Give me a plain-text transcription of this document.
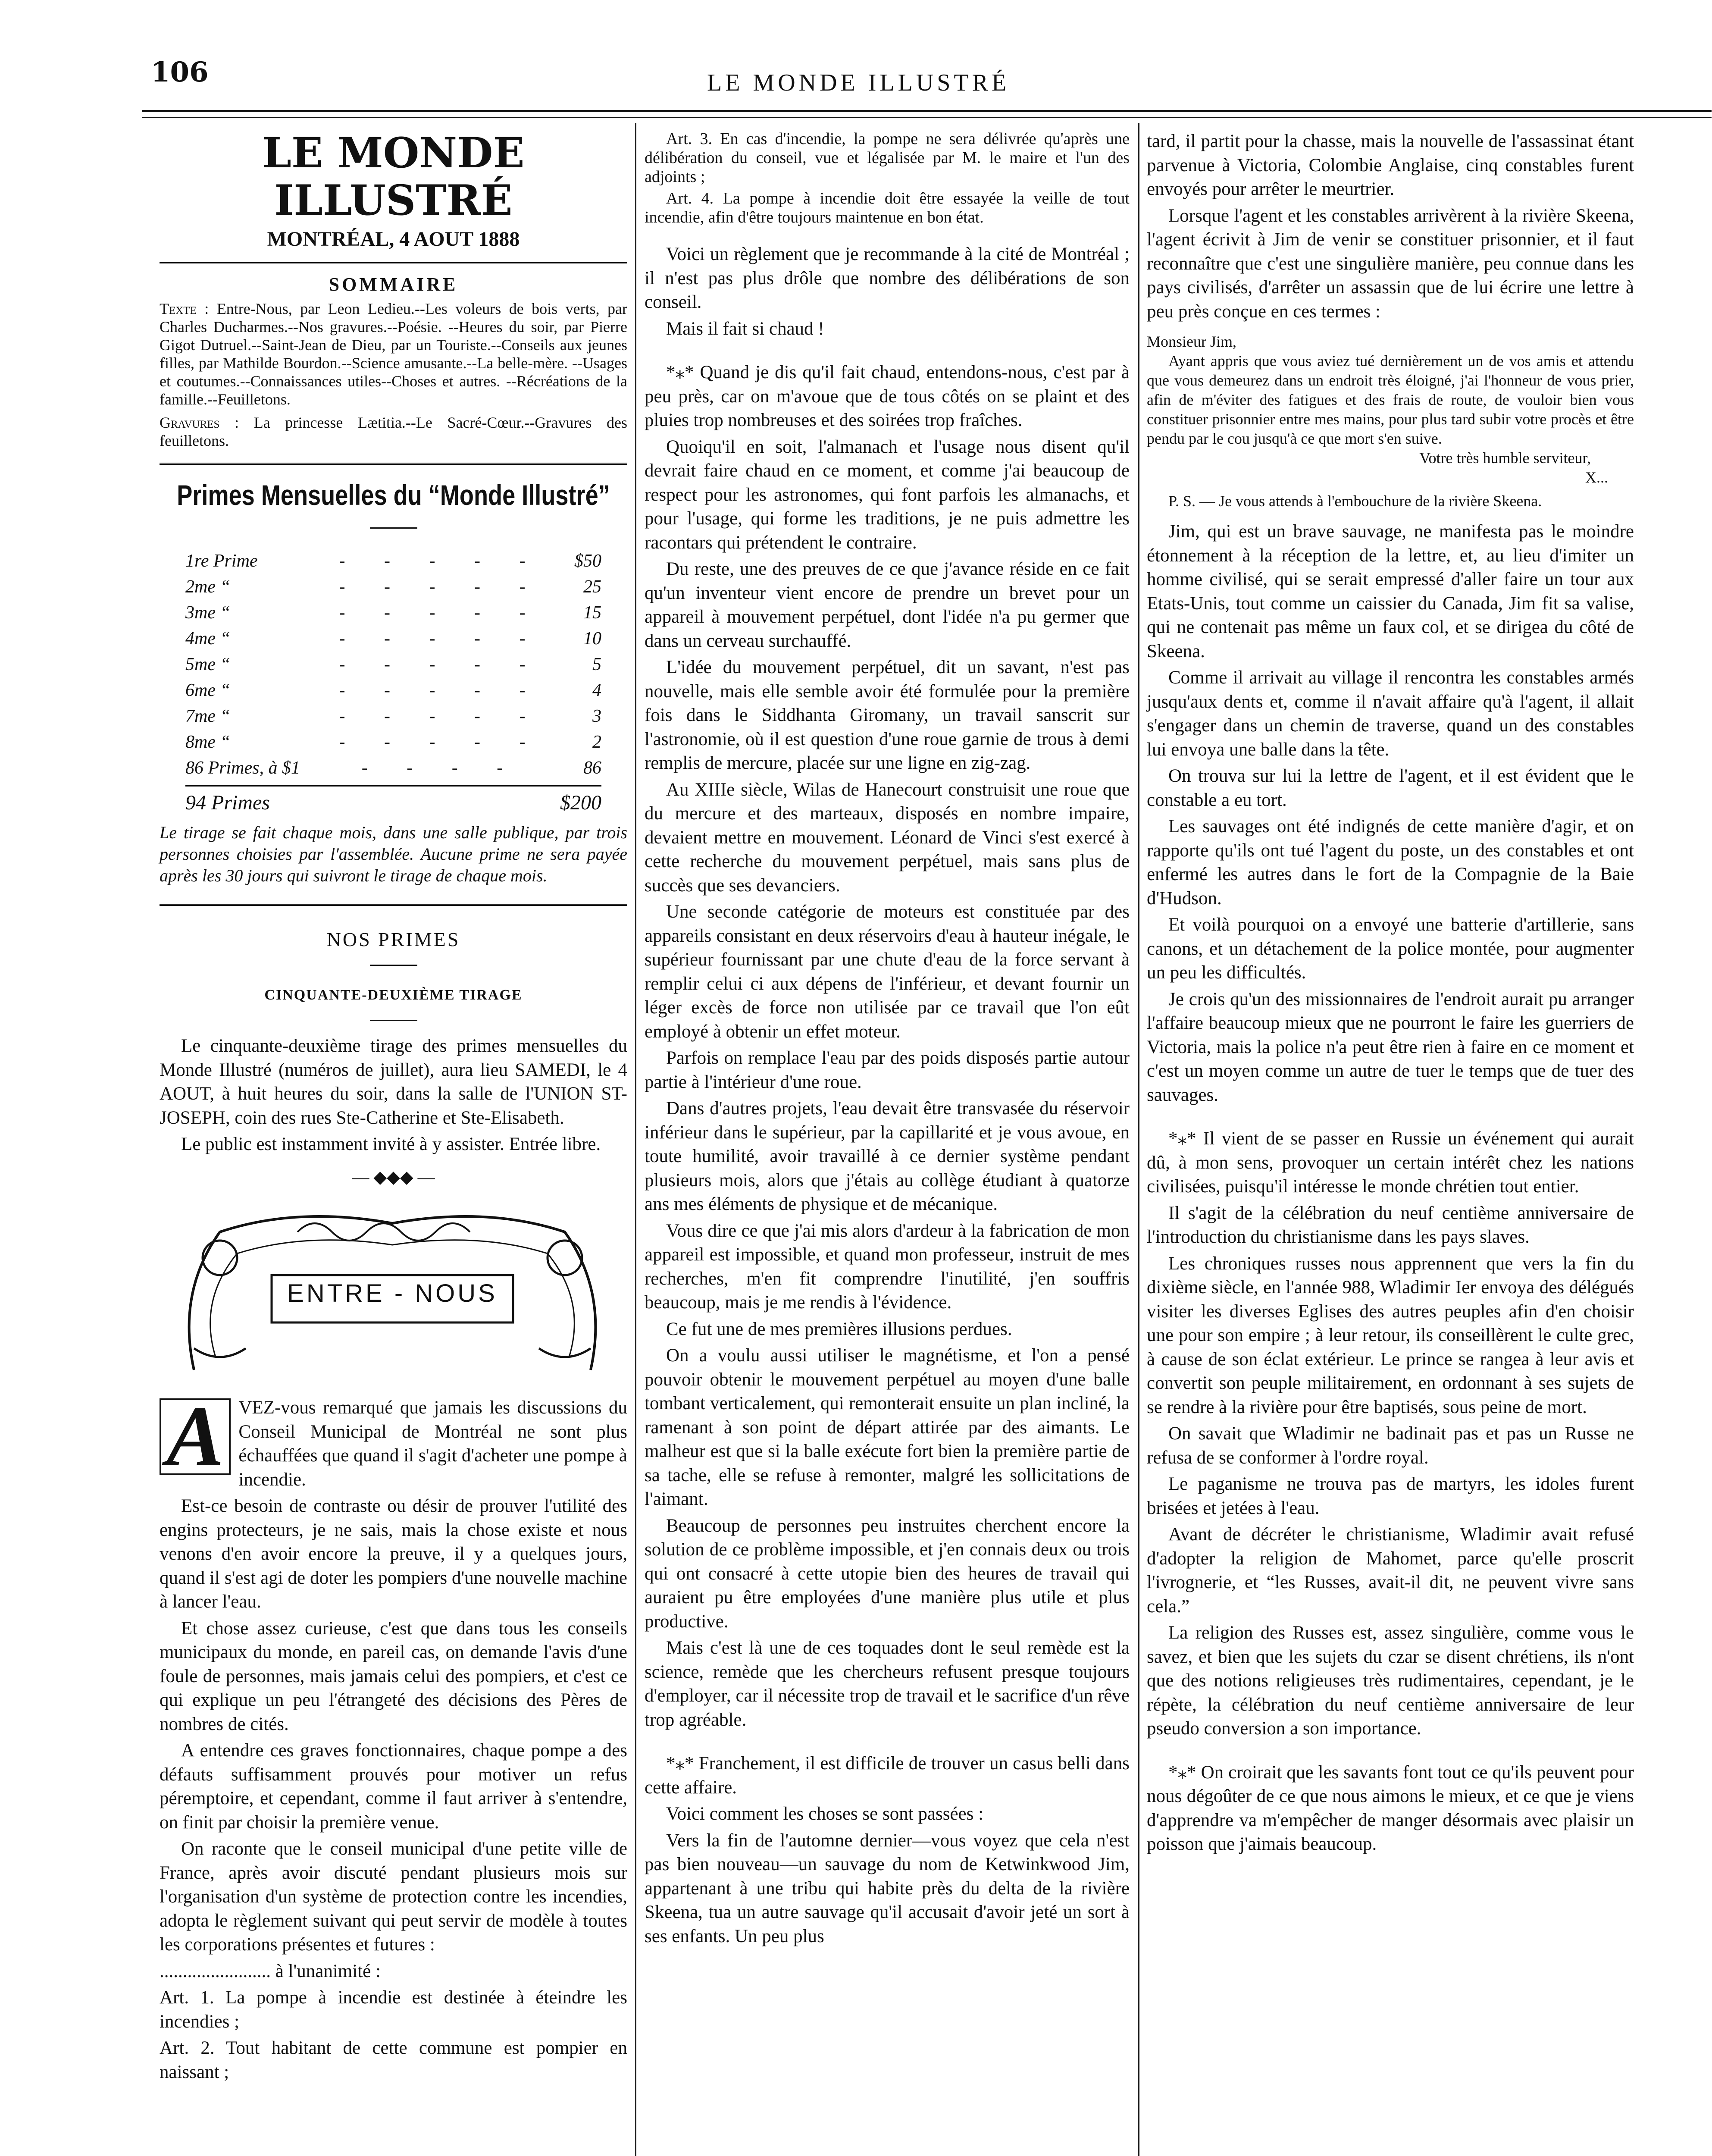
106	LE MONDE ILLUSTRÉ
LE MONDE ILLUSTRÉ
MONTRÉAL, 4 AOUT 1888
SOMMAIRE
Texte : Entre-Nous, par Leon Ledieu.--Les voleurs de bois verts, par Charles Ducharmes.--Nos gravures.--Poésie. --Heures du soir, par Pierre Gigot Dutruel.--Saint-Jean de Dieu, par un Touriste.--Conseils aux jeunes filles, par Mathilde Bourdon.--Science amusante.--La belle-mère. --Usages et coutumes.--Connaissances utiles--Choses et autres. --Récréations de la famille.--Feuilletons.
Gravures : La princesse Lætitia.--Le Sacré-Cœur.--Gravures des feuilletons.
Primes Mensuelles du “Monde Illustré”
1re Prime	- - - - -	$50
2me “	- - - - -	25
3me “	- - - - -	15
4me “	- - - - -	10
5me “	- - - - -	5
6me “	- - - - -	4
7me “	- - - - -	3
8me “	- - - - -	2
86 Primes, à $1	- - - -	86
94 Primes	$200
Le tirage se fait chaque mois, dans une salle publique, par trois personnes choisies par l'assemblée. Aucune prime ne sera payée après les 30 jours qui suivront le tirage de chaque mois.
NOS PRIMES
CINQUANTE-DEUXIÈME TIRAGE

Le cinquante-deuxième tirage des primes mensuelles du Monde Illustré (numéros de juillet), aura lieu SAMEDI, le 4 AOUT, à huit heures du soir, dans la salle de l'UNION ST-JOSEPH, coin des rues Ste-Catherine et Ste-Elisabeth.

Le public est instamment invité à y assister. Entrée libre.

— ◆◆◆ —
ENTRE - NOUS

A VEZ-vous remarqué que jamais les discussions du Conseil Municipal de Montréal ne sont plus échauffées que quand il s'agit d'acheter une pompe à incendie.

Est-ce besoin de contraste ou désir de prouver l'utilité des engins protecteurs, je ne sais, mais la chose existe et nous venons d'en avoir encore la preuve, il y a quelques jours, quand il s'est agi de doter les pompiers d'une nouvelle machine à lancer l'eau.

Et chose assez curieuse, c'est que dans tous les conseils municipaux du monde, en pareil cas, on demande l'avis d'une foule de personnes, mais jamais celui des pompiers, et c'est ce qui explique un peu l'étrangeté des décisions des Pères de nombres de cités.

A entendre ces graves fonctionnaires, chaque pompe a des défauts suffisamment prouvés pour motiver un refus péremptoire, et cependant, comme il faut arriver à s'entendre, on finit par choisir la première venue.

On raconte que le conseil municipal d'une petite ville de France, après avoir discuté pendant plusieurs mois sur l'organisation d'un système de protection contre les incendies, adopta le règlement suivant qui peut servir de modèle à toutes les corporations présentes et futures :

........................ à l'unanimité :

Art. 1. La pompe à incendie est destinée à éteindre les incendies ;

Art. 2. Tout habitant de cette commune est pompier en naissant ;

Art. 3. En cas d'incendie, la pompe ne sera délivrée qu'après une délibération du conseil, vue et légalisée par M. le maire et l'un des adjoints ;

Art. 4. La pompe à incendie doit être essayée la veille de tout incendie, afin d'être toujours maintenue en bon état.

Voici un règlement que je recommande à la cité de Montréal ; il n'est pas plus drôle que nombre des délibérations de son conseil.

Mais il fait si chaud !

*⁎* Quand je dis qu'il fait chaud, entendons-nous, c'est par à peu près, car on m'avoue que de tous côtés on se plaint et des pluies trop nombreuses et des soirées trop fraîches.

Quoiqu'il en soit, l'almanach et l'usage nous disent qu'il devrait faire chaud en ce moment, et comme j'ai beaucoup de respect pour les astronomes, qui font parfois les almanachs, et pour l'usage, qui forme les traditions, je ne puis admettre les racontars qui prétendent le contraire.

Du reste, une des preuves de ce que j'avance réside en ce fait qu'un inventeur vient encore de prendre un brevet pour un appareil à mouvement perpétuel, dont l'idée n'a pu germer que dans un cerveau surchauffé.

L'idée du mouvement perpétuel, dit un savant, n'est pas nouvelle, mais elle semble avoir été formulée pour la première fois dans le Siddhanta Giromany, un travail sanscrit sur l'astronomie, où il est question d'une roue garnie de trous à demi remplis de mercure, placée sur une ligne en zig-zag.

Au XIIIe siècle, Wilas de Hanecourt construisit une roue que du mercure et des marteaux, disposés en nombre impaire, devaient mettre en mouvement. Léonard de Vinci s'est exercé à cette recherche du mouvement perpétuel, mais sans plus de succès que ses devanciers.

Une seconde catégorie de moteurs est constituée par des appareils consistant en deux réservoirs d'eau à hauteur inégale, le supérieur fournissant par une chute d'eau de la force servant à remplir celui ci aux dépens de l'inférieur, et devant fournir un léger excès de force non utilisée par ce travail que l'on eût employé à obtenir un effet moteur.

Parfois on remplace l'eau par des poids disposés partie autour partie à l'intérieur d'une roue.

Dans d'autres projets, l'eau devait être transvasée du réservoir inférieur dans le supérieur, par la capillarité et je vous avoue, en toute humilité, avoir travaillé à ce dernier système pendant plusieurs mois, alors que j'étais au collège étudiant à quatorze ans mes éléments de physique et de mécanique.

Vous dire ce que j'ai mis alors d'ardeur à la fabrication de mon appareil est impossible, et quand mon professeur, instruit de mes recherches, m'en fit comprendre l'inutilité, j'en souffris beaucoup, mais je me rendis à l'évidence.

Ce fut une de mes premières illusions perdues.

On a voulu aussi utiliser le magnétisme, et l'on a pensé pouvoir obtenir le mouvement perpétuel au moyen d'une balle tombant verticalement, qui remonterait ensuite un plan incliné, la ramenant à son point de départ attirée par des aimants. Le malheur est que si la balle exécute fort bien la première partie de sa tache, elle se refuse à remonter, malgré les sollicitations de l'aimant.

Beaucoup de personnes peu instruites cherchent encore la solution de ce problème impossible, et j'en connais deux ou trois qui ont consacré à cette utopie bien des heures de travail qui auraient pu être employées d'une manière plus utile et plus productive.

Mais c'est là une de ces toquades dont le seul remède est la science, remède que les chercheurs refusent presque toujours d'employer, car il nécessite trop de travail et le sacrifice d'un rêve trop agréable.

*⁎* Franchement, il est difficile de trouver un casus belli dans cette affaire.

Voici comment les choses se sont passées :

Vers la fin de l'automne dernier—vous voyez que cela n'est pas bien nouveau—un sauvage du nom de Ketwinkwood Jim, appartenant à une tribu qui habite près du delta de la rivière Skeena, tua un autre sauvage qu'il accusait d'avoir jeté un sort à ses enfants. Un peu plus

tard, il partit pour la chasse, mais la nouvelle de l'assassinat étant parvenue à Victoria, Colombie Anglaise, cinq constables furent envoyés pour arrêter le meurtrier.

Lorsque l'agent et les constables arrivèrent à la rivière Skeena, l'agent écrivit à Jim de venir se constituer prisonnier, et il faut reconnaître que c'est une singulière manière, peu connue dans les pays civilisés, d'arrêter un assassin que de lui écrire une lettre à peu près conçue en ces termes :

Monsieur Jim,
Ayant appris que vous aviez tué dernièrement un de vos amis et attendu que vous demeurez dans un endroit très éloigné, j'ai l'honneur de vous prier, afin de m'éviter des fatigues et des frais de route, de vouloir bien vous constituer prisonnier entre mes mains, pour plus tard subir votre procès et être pendu par le cou jusqu'à ce que mort s'en suive.
Votre très humble serviteur,
X...
P. S. — Je vous attends à l'embouchure de la rivière Skeena.

Jim, qui est un brave sauvage, ne manifesta pas le moindre étonnement à la réception de la lettre, et, au lieu d'imiter un homme civilisé, qui se serait empressé d'aller faire un tour aux Etats-Unis, tout comme un caissier du Canada, Jim fit sa valise, qui ne contenait pas même un faux col, et se dirigea du côté de Skeena.

Comme il arrivait au village il rencontra les constables armés jusqu'aux dents et, comme il n'avait affaire qu'à l'agent, il allait s'engager dans un chemin de traverse, quand un des constables lui envoya une balle dans la tête.

On trouva sur lui la lettre de l'agent, et il est évident que le constable a eu tort.

Les sauvages ont été indignés de cette manière d'agir, et on rapporte qu'ils ont tué l'agent du poste, un des constables et ont enfermé les autres dans le fort de la Compagnie de la Baie d'Hudson.

Et voilà pourquoi on a envoyé une batterie d'artillerie, sans canons, et un détachement de la police montée, pour augmenter un peu les difficultés.

Je crois qu'un des missionnaires de l'endroit aurait pu arranger l'affaire beaucoup mieux que ne pourront le faire les guerriers de Victoria, mais la police n'a peut être rien à faire en ce moment et c'est un moyen comme un autre de tuer le temps que de tuer des sauvages.

*⁎* Il vient de se passer en Russie un événement qui aurait dû, à mon sens, provoquer un certain intérêt chez les nations civilisées, puisqu'il intéresse le monde chrétien tout entier.

Il s'agit de la célébration du neuf centième anniversaire de l'introduction du christianisme dans les pays slaves.

Les chroniques russes nous apprennent que vers la fin du dixième siècle, en l'année 988, Wladimir Ier envoya des délégués visiter les diverses Eglises des autres peuples afin d'en choisir une pour son empire ; à leur retour, ils conseillèrent le culte grec, à cause de son éclat extérieur. Le prince se rangea à leur avis et convertit son peuple militairement, en ordonnant à ses sujets de se rendre à la rivière pour être baptisés, sous peine de mort.

On savait que Wladimir ne badinait pas et pas un Russe ne refusa de se conformer à l'ordre royal.

Le paganisme ne trouva pas de martyrs, les idoles furent brisées et jetées à l'eau.

Avant de décréter le christianisme, Wladimir avait refusé d'adopter la religion de Mahomet, parce qu'elle proscrit l'ivrognerie, et “les Russes, avait-il dit, ne peuvent vivre sans cela.”

La religion des Russes est, assez singulière, comme vous le savez, et bien que les sujets du czar se disent chrétiens, ils n'ont que des notions religieuses très rudimentaires, cependant, je le répète, la célébration du neuf centième anniversaire de leur pseudo conversion a son importance.

*⁎* On croirait que les savants font tout ce qu'ils peuvent pour nous dégoûter de ce que nous aimons le mieux, et ce que je viens d'apprendre va m'empêcher de manger désormais avec plaisir un poisson que j'aimais beaucoup.
